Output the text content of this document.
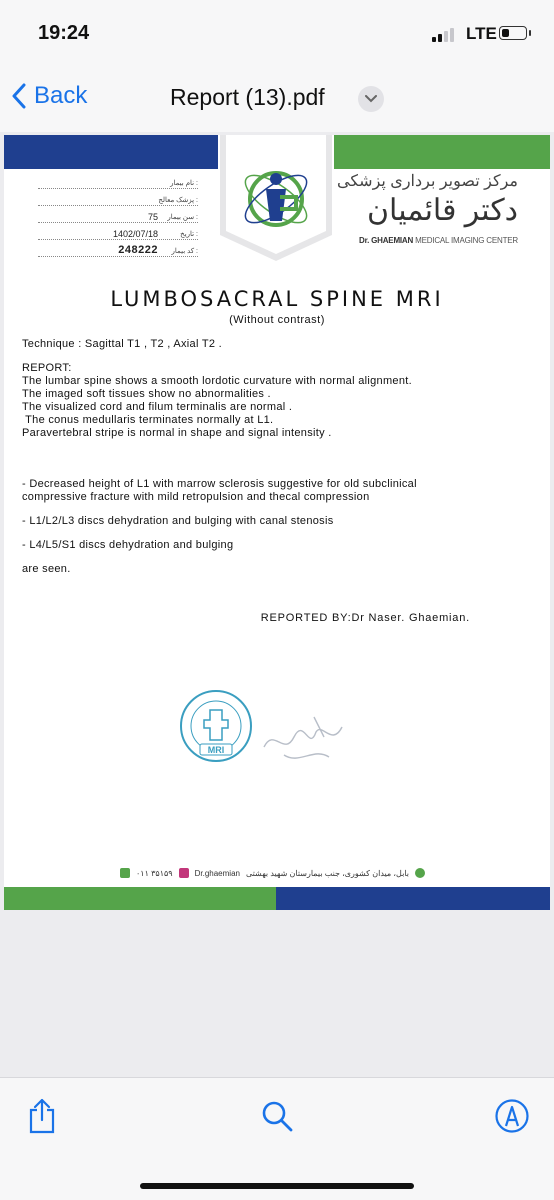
19:24	LTE
Back	Report (13).pdf
نام بیمار :
پزشک معالج :
سن بیمار :
75
تاریخ :
1402/07/18
کد بیمار :
248222
مرکز تصویر برداری پزشکی
دکتر قائمیان
Dr. GHAEMIAN MEDICAL IMAGING CENTER
LUMBOSACRAL SPINE MRI
(Without contrast)
Technique : Sagittal T1 , T2 , Axial T2 .
REPORT:
The lumbar spine shows a smooth lordotic curvature with normal alignment.
The imaged soft tissues show no abnormalities .
The visualized cord and filum terminalis are normal .
The conus medullaris terminates normally at L1.
Paravertebral stripe is normal in shape and signal intensity .
- Decreased height of L1 with marrow sclerosis suggestive for old subclinical
compressive fracture with mild retropulsion and thecal compression
- L1/L2/L3 discs dehydration and bulging with canal stenosis
- L4/L5/S1 discs dehydration and bulging
are seen.
REPORTED BY:Dr Naser. Ghaemian.
MRI
۰۱۱ ۳۵۱۵۹	Dr.ghaemian بابل، میدان کشوری، جنب بیمارستان شهید بهشتی
